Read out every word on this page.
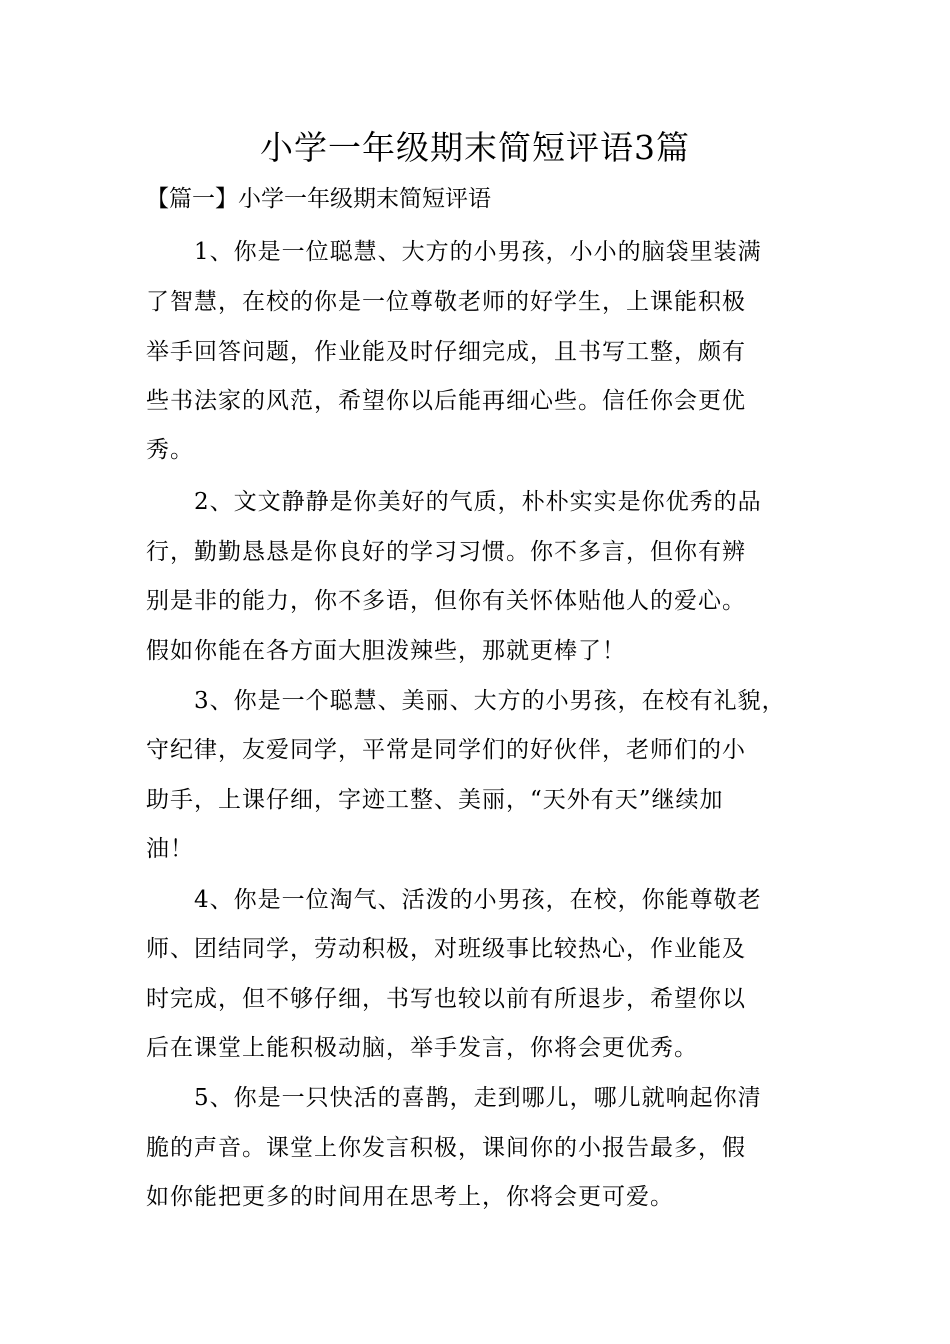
小学一年级期末简短评语3篇
【篇一】小学一年级期末简短评语
1、你是一位聪慧、大方的小男孩，小小的脑袋里装满
了智慧，在校的你是一位尊敬老师的好学生，上课能积极
举手回答问题，作业能及时仔细完成，且书写工整，颇有
些书法家的风范，希望你以后能再细心些。信任你会更优
秀。
2、文文静静是你美好的气质，朴朴实实是你优秀的品
行，勤勤恳恳是你良好的学习习惯。你不多言，但你有辨
别是非的能力，你不多语，但你有关怀体贴他人的爱心。
假如你能在各方面大胆泼辣些，那就更棒了！
3、你是一个聪慧、美丽、大方的小男孩，在校有礼貌，
守纪律，友爱同学，平常是同学们的好伙伴，老师们的小
助手，上课仔细，字迹工整、美丽，“天外有天”继续加
油！
4、你是一位淘气、活泼的小男孩，在校，你能尊敬老
师、团结同学，劳动积极，对班级事比较热心，作业能及
时完成，但不够仔细，书写也较以前有所退步，希望你以
后在课堂上能积极动脑，举手发言，你将会更优秀。
5、你是一只快活的喜鹊，走到哪儿，哪儿就响起你清
脆的声音。课堂上你发言积极，课间你的小报告最多，假
如你能把更多的时间用在思考上，你将会更可爱。
